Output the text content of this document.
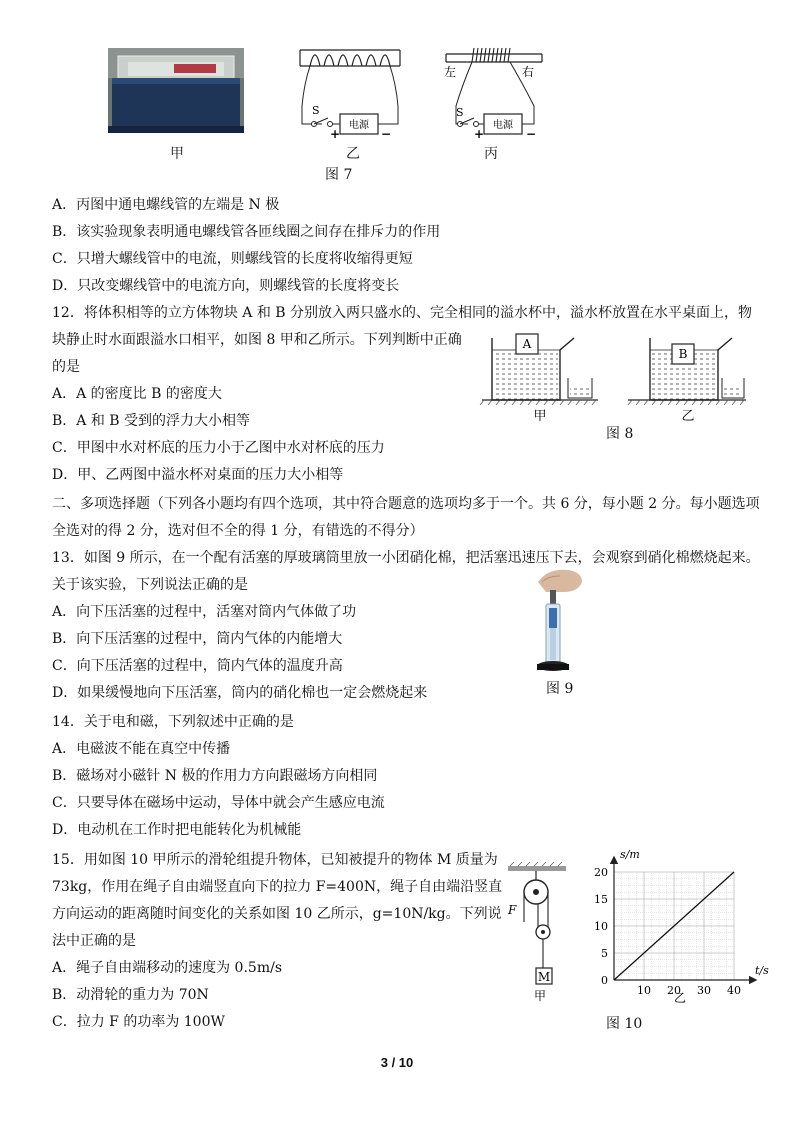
电源
S
+	−
左	右
电源
S
+	−
甲	乙	丙
图 7
A．丙图中通电螺线管的左端是 N 极
B．该实验现象表明通电螺线管各匝线圈之间存在排斥力的作用
C．只增大螺线管中的电流，则螺线管的长度将收缩得更短
D．只改变螺线管中的电流方向，则螺线管的长度将变长
12．将体积相等的立方体物块 A 和 B 分别放入两只盛水的、完全相同的溢水杯中，溢水杯放置在水平桌面上，物
块静止时水面跟溢水口相平，如图 8 甲和乙所示。下列判断中正确
的是
A．A 的密度比 B 的密度大
B．A 和 B 受到的浮力大小相等
C．甲图中水对杯底的压力小于乙图中水对杯底的压力
D．甲、乙两图中溢水杯对桌面的压力大小相等
A
B
甲	乙
图 8
二、多项选择题（下列各小题均有四个选项，其中符合题意的选项均多于一个。共 6 分，每小题 2 分。每小题选项
全选对的得 2 分，选对但不全的得 1 分，有错选的不得分）
13．如图 9 所示，在一个配有活塞的厚玻璃筒里放一小团硝化棉，把活塞迅速压下去，会观察到硝化棉燃烧起来。
关于该实验，下列说法正确的是
A．向下压活塞的过程中，活塞对筒内气体做了功
B．向下压活塞的过程中，筒内气体的内能增大
C．向下压活塞的过程中，筒内气体的温度升高
D．如果缓慢地向下压活塞，筒内的硝化棉也一定会燃烧起来	图 9
14．关于电和磁，下列叙述中正确的是
A．电磁波不能在真空中传播
B．磁场对小磁针 N 极的作用力方向跟磁场方向相同
C．只要导体在磁场中运动，导体中就会产生感应电流
D．电动机在工作时把电能转化为机械能
15．用如图 10 甲所示的滑轮组提升物体，已知被提升的物体 M 质量为
73kg，作用在绳子自由端竖直向下的拉力 F=400N，绳子自由端沿竖直
方向运动的距离随时间变化的关系如图 10 乙所示，g=10N/kg。下列说
法中正确的是
A．绳子自由端移动的速度为 0.5m/s
B．动滑轮的重力为 70N
C．拉力 F 的功率为 100W
M
F
甲
t/s
s/m
10 20 30 40
0
5
10
15
20
乙
图 10
3 / 10
